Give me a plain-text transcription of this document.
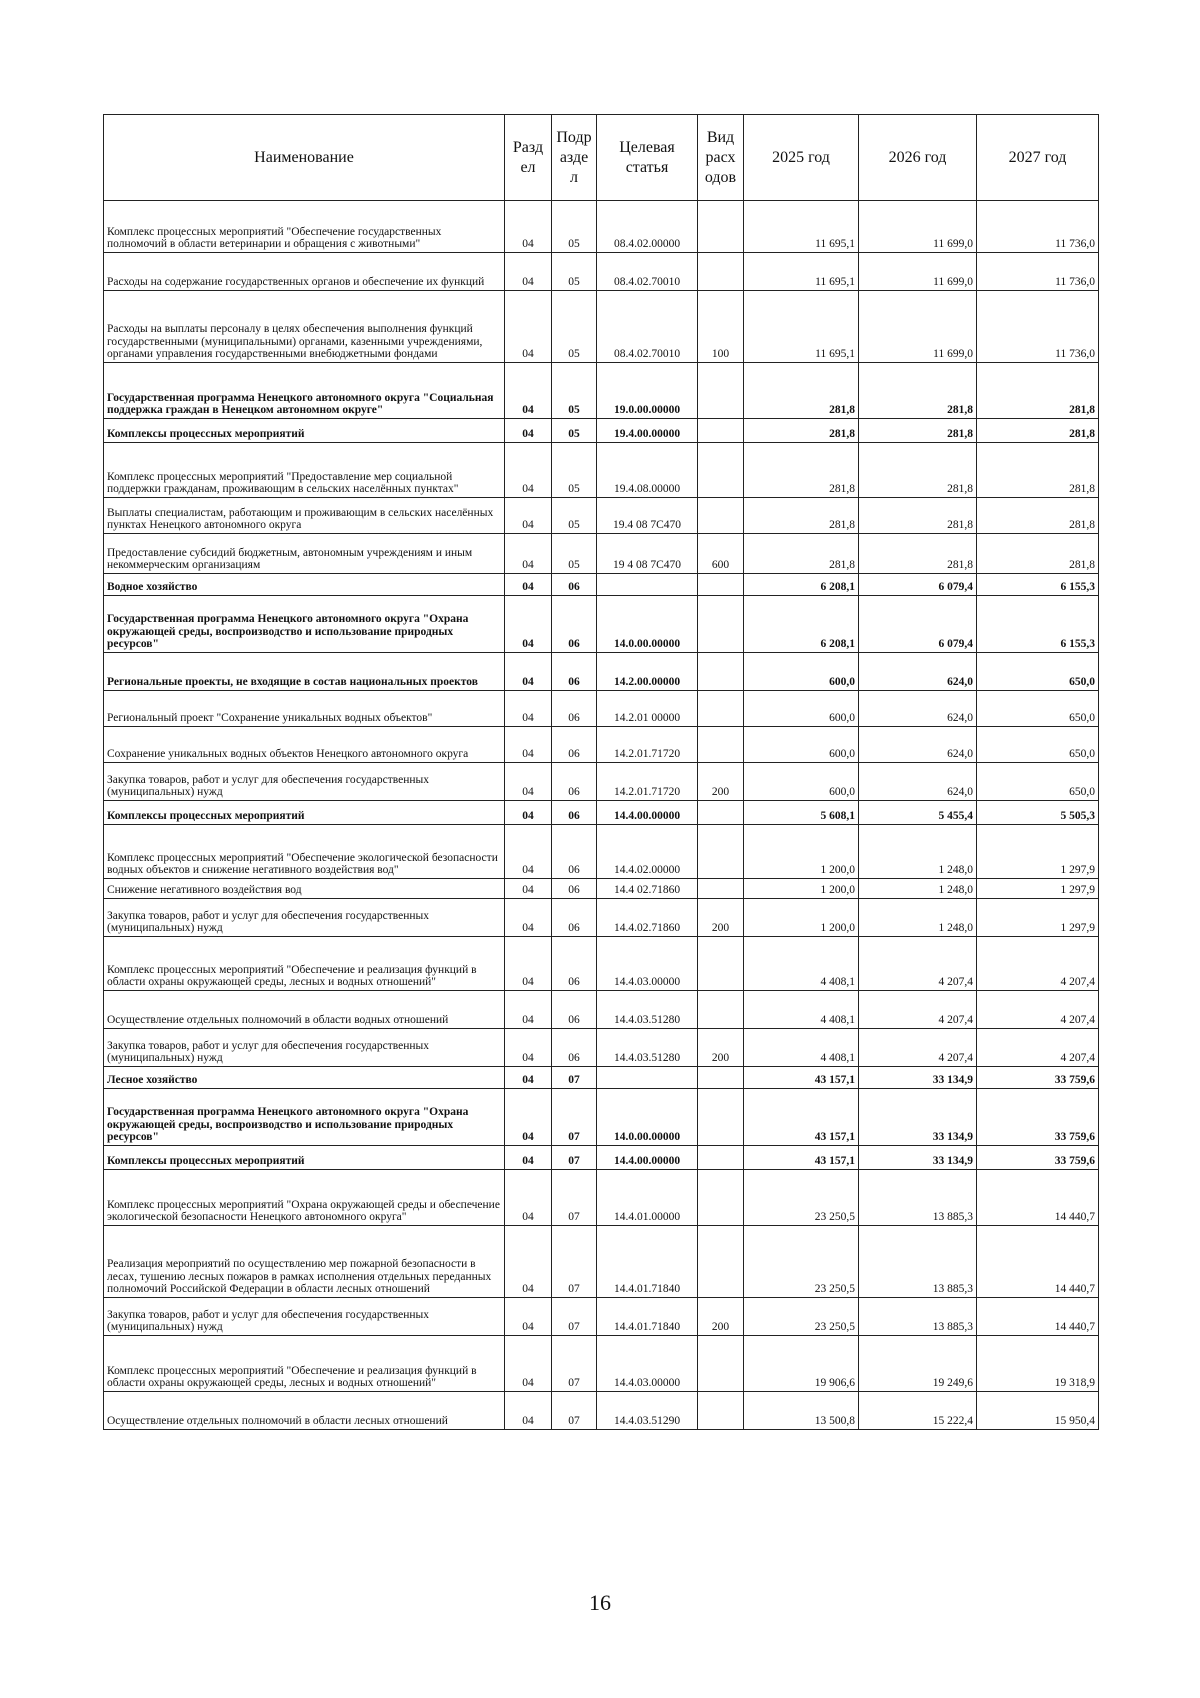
Наименование	Разд ел	Подр азде л	Целевая статья	Вид расх одов	2025 год	2026 год	2027 год
Комплекс процессных мероприятий "Обеспечение государственных полномочий в области ветеринарии и обращения с животными"	04	05	08.4.02.00000		11 695,1	11 699,0	11 736,0
Расходы на содержание государственных органов и обеспечение их функций	04	05	08.4.02.70010		11 695,1	11 699,0	11 736,0
Расходы на выплаты персоналу в целях обеспечения выполнения функций государственными (муниципальными) органами, казенными учреждениями, органами управления государственными внебюджетными фондами	04	05	08.4.02.70010	100	11 695,1	11 699,0	11 736,0
Государственная программа Ненецкого автономного округа "Социальная поддержка граждан в Ненецком автономном округе"	04	05	19.0.00.00000		281,8	281,8	281,8
Комплексы процессных мероприятий	04	05	19.4.00.00000		281,8	281,8	281,8
Комплекс процессных мероприятий "Предоставление мер социальной поддержки гражданам, проживающим в сельских населённых пунктах"	04	05	19.4.08.00000		281,8	281,8	281,8
Выплаты специалистам, работающим и проживающим в сельских населённых пунктах Ненецкого автономного округа	04	05	19.4 08 7С470		281,8	281,8	281,8
Предоставление субсидий бюджетным, автономным учреждениям и иным некоммерческим организациям	04	05	19 4 08 7С470	600	281,8	281,8	281,8
Водное хозяйство	04	06			6 208,1	6 079,4	6 155,3
Государственная программа Ненецкого автономного округа "Охрана окружающей среды, воспроизводство и использование природных ресурсов"	04	06	14.0.00.00000		6 208,1	6 079,4	6 155,3
Региональные проекты, не входящие в состав национальных проектов	04	06	14.2.00.00000		600,0	624,0	650,0
Региональный проект "Сохранение уникальных водных объектов"	04	06	14.2.01 00000		600,0	624,0	650,0
Сохранение уникальных водных объектов Ненецкого автономного округа	04	06	14.2.01.71720		600,0	624,0	650,0
Закупка товаров, работ и услуг для обеспечения государственных (муниципальных) нужд	04	06	14.2.01.71720	200	600,0	624,0	650,0
Комплексы процессных мероприятий	04	06	14.4.00.00000		5 608,1	5 455,4	5 505,3
Комплекс процессных мероприятий "Обеспечение экологической безопасности водных объектов и снижение негативного воздействия вод"	04	06	14.4.02.00000		1 200,0	1 248,0	1 297,9
Снижение негативного воздействия вод	04	06	14.4 02.71860		1 200,0	1 248,0	1 297,9
Закупка товаров, работ и услуг для обеспечения государственных (муниципальных) нужд	04	06	14.4.02.71860	200	1 200,0	1 248,0	1 297,9
Комплекс процессных мероприятий "Обеспечение и реализация функций в области охраны окружающей среды, лесных и водных отношений"	04	06	14.4.03.00000		4 408,1	4 207,4	4 207,4
Осуществление отдельных полномочий в области водных отношений	04	06	14.4.03.51280		4 408,1	4 207,4	4 207,4
Закупка товаров, работ и услуг для обеспечения государственных (муниципальных) нужд	04	06	14.4.03.51280	200	4 408,1	4 207,4	4 207,4
Лесное хозяйство	04	07			43 157,1	33 134,9	33 759,6
Государственная программа Ненецкого автономного округа "Охрана окружающей среды, воспроизводство и использование природных ресурсов"	04	07	14.0.00.00000		43 157,1	33 134,9	33 759,6
Комплексы процессных мероприятий	04	07	14.4.00.00000		43 157,1	33 134,9	33 759,6
Комплекс процессных мероприятий "Охрана окружающей среды и обеспечение экологической безопасности Ненецкого автономного округа"	04	07	14.4.01.00000		23 250,5	13 885,3	14 440,7
Реализация мероприятий по осуществлению мер пожарной безопасности в лесах, тушению лесных пожаров в рамках исполнения отдельных переданных полномочий Российской Федерации в области лесных отношений	04	07	14.4.01.71840		23 250,5	13 885,3	14 440,7
Закупка товаров, работ и услуг для обеспечения государственных (муниципальных) нужд	04	07	14.4.01.71840	200	23 250,5	13 885,3	14 440,7
Комплекс процессных мероприятий "Обеспечение и реализация функций в области охраны окружающей среды, лесных и водных отношений"	04	07	14.4.03.00000		19 906,6	19 249,6	19 318,9
Осуществление отдельных полномочий в области лесных отношений	04	07	14.4.03.51290		13 500,8	15 222,4	15 950,4
16
